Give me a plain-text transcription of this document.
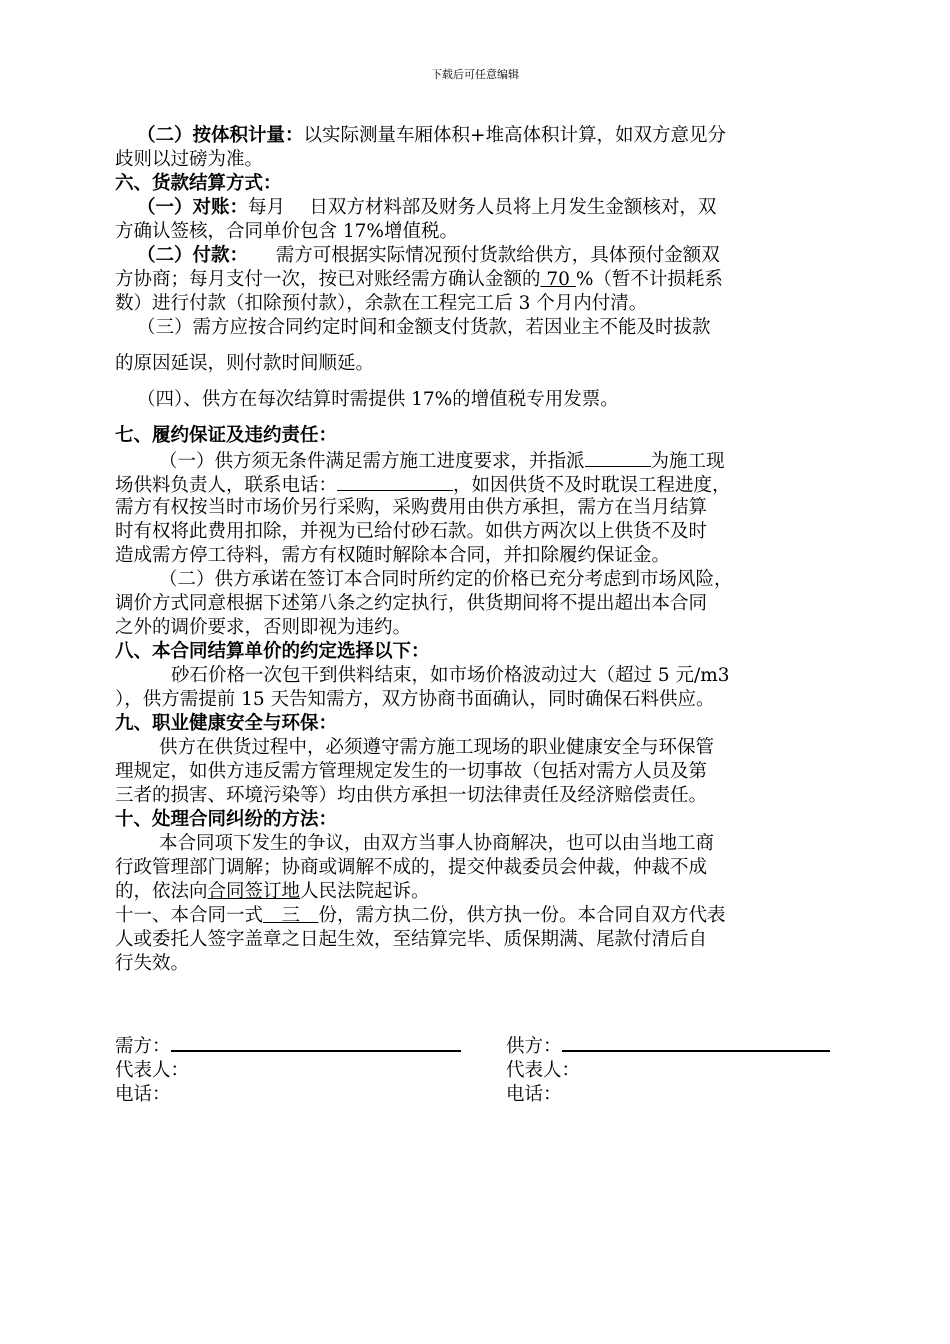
下载后可任意编辑
（二）按体积计量：以实际测量车厢体积+堆高体积计算，如双方意见分
歧则以过磅为准。
六、货款结算方式：
（一）对账：每月　 日双方材料部及财务人员将上月发生金额核对，双
方确认签核，合同单价包含 17%增值税。
（二）付款：　　需方可根据实际情况预付货款给供方，具体预付金额双
方协商；每月支付一次，按已对账经需方确认金额的 70 %（暂不计损耗系
数）进行付款（扣除预付款），余款在工程完工后 3 个月内付清。
（三）需方应按合同约定时间和金额支付货款，若因业主不能及时拔款
的原因延误，则付款时间顺延。
（四）、供方在每次结算时需提供 17%的增值税专用发票。
七、履约保证及违约责任：
（一）供方须无条件满足需方施工进度要求，并指派	为施工现
场供料负责人，联系电话：	，如因供货不及时耽误工程进度，
需方有权按当时市场价另行采购，采购费用由供方承担，需方在当月结算
时有权将此费用扣除，并视为已给付砂石款。如供方两次以上供货不及时
造成需方停工待料，需方有权随时解除本合同，并扣除履约保证金。
（二）供方承诺在签订本合同时所约定的价格已充分考虑到市场风险，
调价方式同意根据下述第八条之约定执行，供货期间将不提出超出本合同
之外的调价要求，否则即视为违约。
八、本合同结算单价的约定选择以下：
砂石价格一次包干到供料结束，如市场价格波动过大（超过 5 元/m3
），供方需提前 15 天告知需方，双方协商书面确认，同时确保石料供应。
九、职业健康安全与环保：
供方在供货过程中，必须遵守需方施工现场的职业健康安全与环保管
理规定，如供方违反需方管理规定发生的一切事故（包括对需方人员及第
三者的损害、环境污染等）均由供方承担一切法律责任及经济赔偿责任。
十、处理合同纠纷的方法：
本合同项下发生的争议，由双方当事人协商解决，也可以由当地工商
行政管理部门调解；协商或调解不成的，提交仲裁委员会仲裁，仲裁不成
的，依法向合同签订地人民法院起诉。
十一、本合同一式　三　份，需方执二份，供方执一份。本合同自双方代表
人或委托人签字盖章之日起生效，至结算完毕、质保期满、尾款付清后自
行失效。
需方：
代表人：
电话：
供方：
代表人：
电话：
